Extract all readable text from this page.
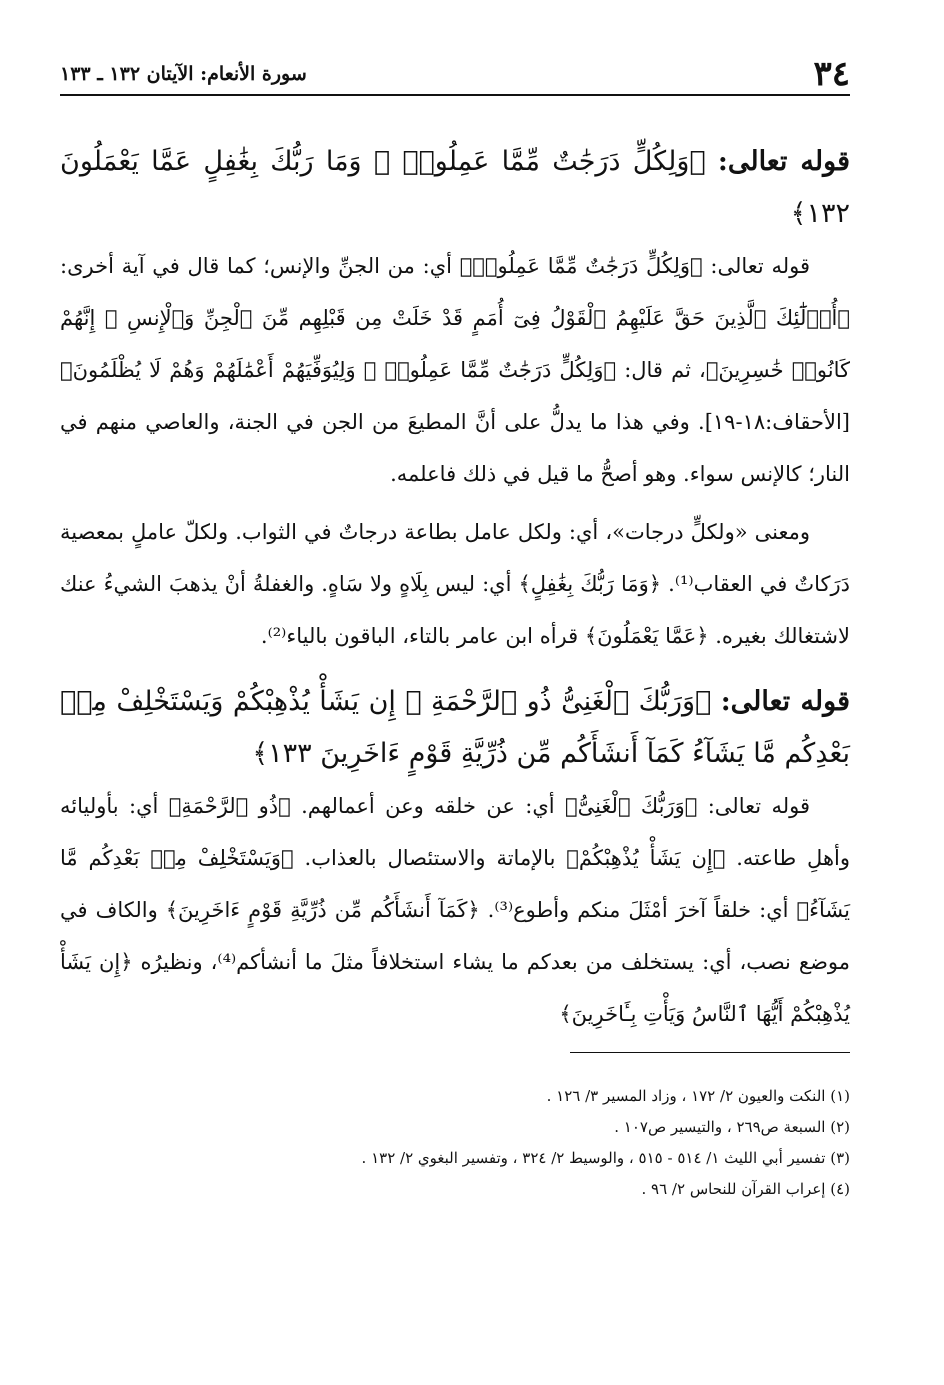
٣٤
سورة الأنعام: الآيتان ١٣٢ ـ ١٣٣
قوله تعالى: ﴿وَلِكُلٍّ دَرَجَٰتٌ مِّمَّا عَمِلُوا۟ ۚ وَمَا رَبُّكَ بِغَٰفِلٍ عَمَّا يَعْمَلُونَ ١٣٢﴾

قوله تعالى: ﴿وَلِكُلٍّ دَرَجَٰتٌ مِّمَّا عَمِلُوا۟﴾ أي: من الجنِّ والإنس؛ كما قال في آية أخرى: ﴿أُو۟لَٰٓئِكَ ٱلَّذِينَ حَقَّ عَلَيْهِمُ ٱلْقَوْلُ فِىٓ أُمَمٍ قَدْ خَلَتْ مِن قَبْلِهِم مِّنَ ٱلْجِنِّ وَٱلْإِنسِ ۖ إِنَّهُمْ كَانُوا۟ خَٰسِرِينَ﴾، ثم قال: ﴿وَلِكُلٍّ دَرَجَٰتٌ مِّمَّا عَمِلُوا۟ ۖ وَلِيُوَفِّيَهُمْ أَعْمَٰلَهُمْ وَهُمْ لَا يُظْلَمُونَ﴾ [الأحقاف:١٨-١٩]. وفي هذا ما يدلُّ على أنَّ المطيعَ من الجن في الجنة، والعاصي منهم في النار؛ كالإنس سواء. وهو أصحُّ ما قيل في ذلك فاعلمه.

ومعنى «ولكلٍّ درجات»، أي: ولكل عامل بطاعة درجاتٌ في الثواب. ولكلّ عاملٍ بمعصية دَرَكاتٌ في العقاب⁽¹⁾. ﴿وَمَا رَبُّكَ بِغَٰفِلٍ﴾ أي: ليس بِلَاهٍ ولا سَاهٍ. والغفلةُ أنْ يذهبَ الشيءُ عنك لاشتغالك بغيره. ﴿عَمَّا يَعْمَلُونَ﴾ قرأه ابن عامر بالتاء، الباقون بالياء⁽²⁾.

قوله تعالى: ﴿وَرَبُّكَ ٱلْغَنِىُّ ذُو ٱلرَّحْمَةِ ۚ إِن يَشَأْ يُذْهِبْكُمْ وَيَسْتَخْلِفْ مِنۢ بَعْدِكُم مَّا يَشَآءُ كَمَآ أَنشَأَكُم مِّن ذُرِّيَّةِ قَوْمٍ ءَاخَرِينَ ١٣٣﴾

قوله تعالى: ﴿وَرَبُّكَ ٱلْغَنِىُّ﴾ أي: عن خلقه وعن أعمالهم. ﴿ذُو ٱلرَّحْمَةِ﴾ أي: بأوليائه وأهلِ طاعته. ﴿إِن يَشَأْ يُذْهِبْكُمْ﴾ بالإماتة والاستئصال بالعذاب. ﴿وَيَسْتَخْلِفْ مِنۢ بَعْدِكُم مَّا يَشَآءُ﴾ أي: خلقاً آخرَ أمْثَلَ منكم وأطوع⁽³⁾. ﴿كَمَآ أَنشَأَكُم مِّن ذُرِّيَّةِ قَوْمٍ ءَاخَرِينَ﴾ والكاف في موضع نصب، أي: يستخلف من بعدكم ما يشاء استخلافاً مثلَ ما أنشأكم⁽⁴⁾، ونظيرُه ﴿إِن يَشَأْ يُذْهِبْكُمْ أَيُّهَا ٱلنَّاسُ وَيَأْتِ بِـَٔاخَرِينَ﴾

(١) النكت والعيون ٢/ ١٧٢ ، وزاد المسير ٣/ ١٢٦ .
(٢) السبعة ص٢٦٩ ، والتيسير ص١٠٧ .
(٣) تفسير أبي الليث ١/ ٥١٤ - ٥١٥ ، والوسيط ٢/ ٣٢٤ ، وتفسير البغوي ٢/ ١٣٢ .
(٤) إعراب القرآن للنحاس ٢/ ٩٦ .
